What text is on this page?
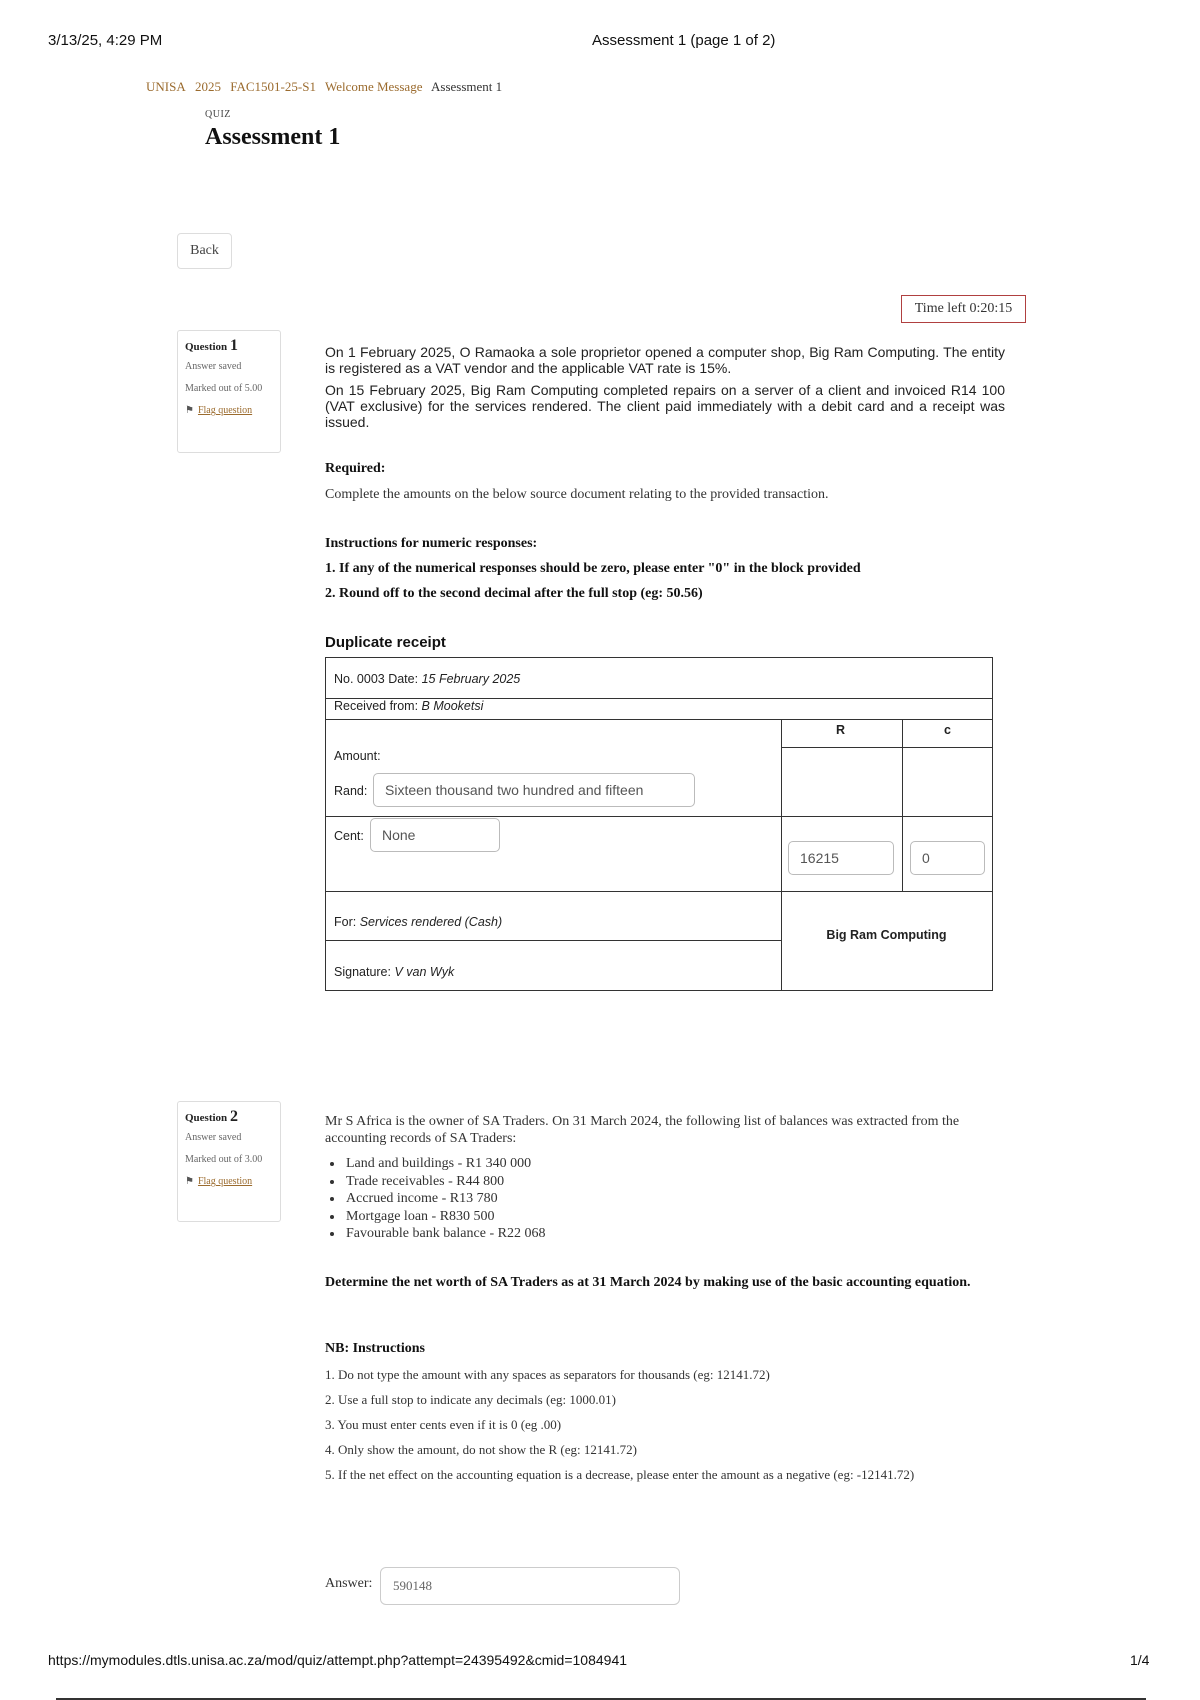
3/13/25, 4:29 PM	Assessment 1 (page 1 of 2)
UNISA 2025 FAC1501-25-S1 Welcome Message Assessment 1
QUIZ
Assessment 1
Back
Time left 0:20:15
Question 1
Answer saved
Marked out of 5.00
⚑ Flag question
On 1 February 2025, O Ramaoka a sole proprietor opened a computer shop, Big Ram Computing. The entity is registered as a VAT vendor and the applicable VAT rate is 15%.
On 15 February 2025, Big Ram Computing completed repairs on a server of a client and invoiced R14 100 (VAT exclusive) for the services rendered. The client paid immediately with a debit card and a receipt was issued.
Required:
Complete the amounts on the below source document relating to the provided transaction.
Instructions for numeric responses:
1. If any of the numerical responses should be zero, please enter "0" in the block provided
2. Round off to the second decimal after the full stop (eg: 50.56)
Duplicate receipt
No. 0003 Date: 15 February 2025
Received from: B Mooketsi
R	c
Amount:
Rand:	Sixteen thousand two hundred and fifteen
Cent:	None
16215	0
For: Services rendered (Cash)
Big Ram Computing
Signature: V van Wyk
Question 2
Answer saved
Marked out of 3.00
⚑ Flag question
Mr S Africa is the owner of SA Traders. On 31 March 2024, the following list of balances was extracted from the accounting records of SA Traders:
• Land and buildings - R1 340 000
• Trade receivables - R44 800
• Accrued income - R13 780
• Mortgage loan - R830 500
• Favourable bank balance - R22 068
Determine the net worth of SA Traders as at 31 March 2024 by making use of the basic accounting equation.
NB: Instructions
1. Do not type the amount with any spaces as separators for thousands (eg: 12141.72)
2. Use a full stop to indicate any decimals (eg: 1000.01)
3. You must enter cents even if it is 0 (eg .00)
4. Only show the amount, do not show the R (eg: 12141.72)
5. If the net effect on the accounting equation is a decrease, please enter the amount as a negative (eg: -12141.72)
Answer:	590148
https://mymodules.dtls.unisa.ac.za/mod/quiz/attempt.php?attempt=24395492&cmid=1084941	1/4
